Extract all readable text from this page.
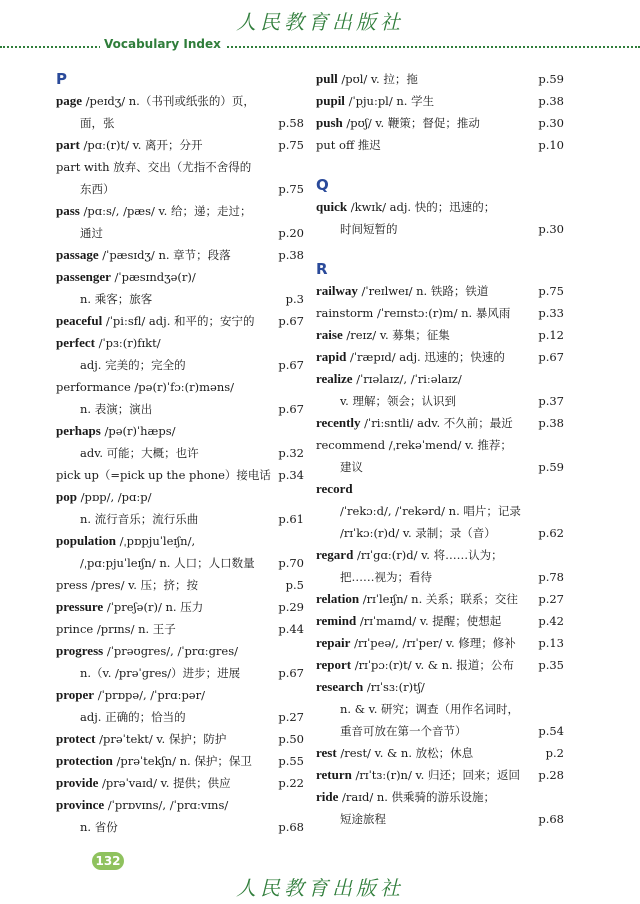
人民教育出版社
Vocabulary Index
P
page /peɪdʒ/ n.（书刊或纸张的）页，
面，张	p.58
part /pɑː(r)t/ v. 离开；分开	p.75
part with 放弃、交出（尤指不舍得的
东西）	p.75
pass /pɑːs/, /pæs/ v. 给；递；走过；
通过	p.20
passage /ˈpæsɪdʒ/ n. 章节；段落	p.38
passenger /ˈpæsɪndʒə(r)/
n. 乘客；旅客	p.3
peaceful /ˈpiːsfl/ adj. 和平的；安宁的 p.67
perfect /ˈpɜː(r)fɪkt/
adj. 完美的；完全的	p.67
performance /pə(r)ˈfɔː(r)məns/
n. 表演；演出	p.67
perhaps /pə(r)ˈhæps/
adv. 可能；大概；也许	p.32
pick up（=pick up the phone）接电话 p.34
pop /pɒp/, /pɑːp/
n. 流行音乐；流行乐曲	p.61
population /ˌpɒpjuˈleɪʃn/,
/ˌpɑːpjuˈleɪʃn/ n. 人口；人口数量 p.70
press /pres/ v. 压；挤；按	p.5
pressure /ˈpreʃə(r)/ n. 压力	p.29
prince /prɪns/ n. 王子	p.44
progress /ˈprəʊgres/, /ˈprɑːgres/
n.（v. /prəˈgres/）进步；进展	p.67
proper /ˈprɒpə/, /ˈprɑːpər/
adj. 正确的；恰当的	p.27
protect /prəˈtekt/ v. 保护；防护	p.50
protection /prəˈtekʃn/ n. 保护；保卫 p.55
provide /prəˈvaɪd/ v. 提供；供应	p.22
province /ˈprɒvɪns/, /ˈprɑːvɪns/
n. 省份	p.68
pull /pʊl/ v. 拉；拖	p.59
pupil /ˈpjuːpl/ n. 学生	p.38
push /pʊʃ/ v. 鞭策；督促；推动	p.30
put off 推迟	p.10
Q
quick /kwɪk/ adj. 快的；迅速的；
时间短暂的	p.30
R
railway /ˈreɪlweɪ/ n. 铁路；铁道	p.75
rainstorm /ˈreɪnstɔː(r)m/ n. 暴风雨 p.33
raise /reɪz/ v. 募集；征集	p.12
rapid /ˈræpɪd/ adj. 迅速的；快速的	p.67
realize /ˈrɪəlaɪz/, /ˈriːəlaɪz/
v. 理解；领会；认识到	p.37
recently /ˈriːsntli/ adv. 不久前；最近 p.38
recommend /ˌrekəˈmend/ v. 推荐；
建议	p.59
record
/ˈrekɔːd/, /ˈrekərd/ n. 唱片；记录
/rɪˈkɔː(r)d/ v. 录制；录（音）	p.62
regard /rɪˈgɑː(r)d/ v. 将……认为；
把……视为；看待	p.78
relation /rɪˈleɪʃn/ n. 关系；联系；交往 p.27
remind /rɪˈmaɪnd/ v. 提醒；使想起	p.42
repair /rɪˈpeə/, /rɪˈper/ v. 修理；修补 p.13
report /rɪˈpɔː(r)t/ v. & n. 报道；公布 p.35
research /rɪˈsɜː(r)tʃ/
n. & v. 研究；调查（用作名词时，
重音可放在第一个音节）	p.54
rest /rest/ v. & n. 放松；休息	p.2
return /rɪˈtɜː(r)n/ v. 归还；回来；返回 p.28
ride /raɪd/ n. 供乘骑的游乐设施；
短途旅程	p.68
132
人民教育出版社
